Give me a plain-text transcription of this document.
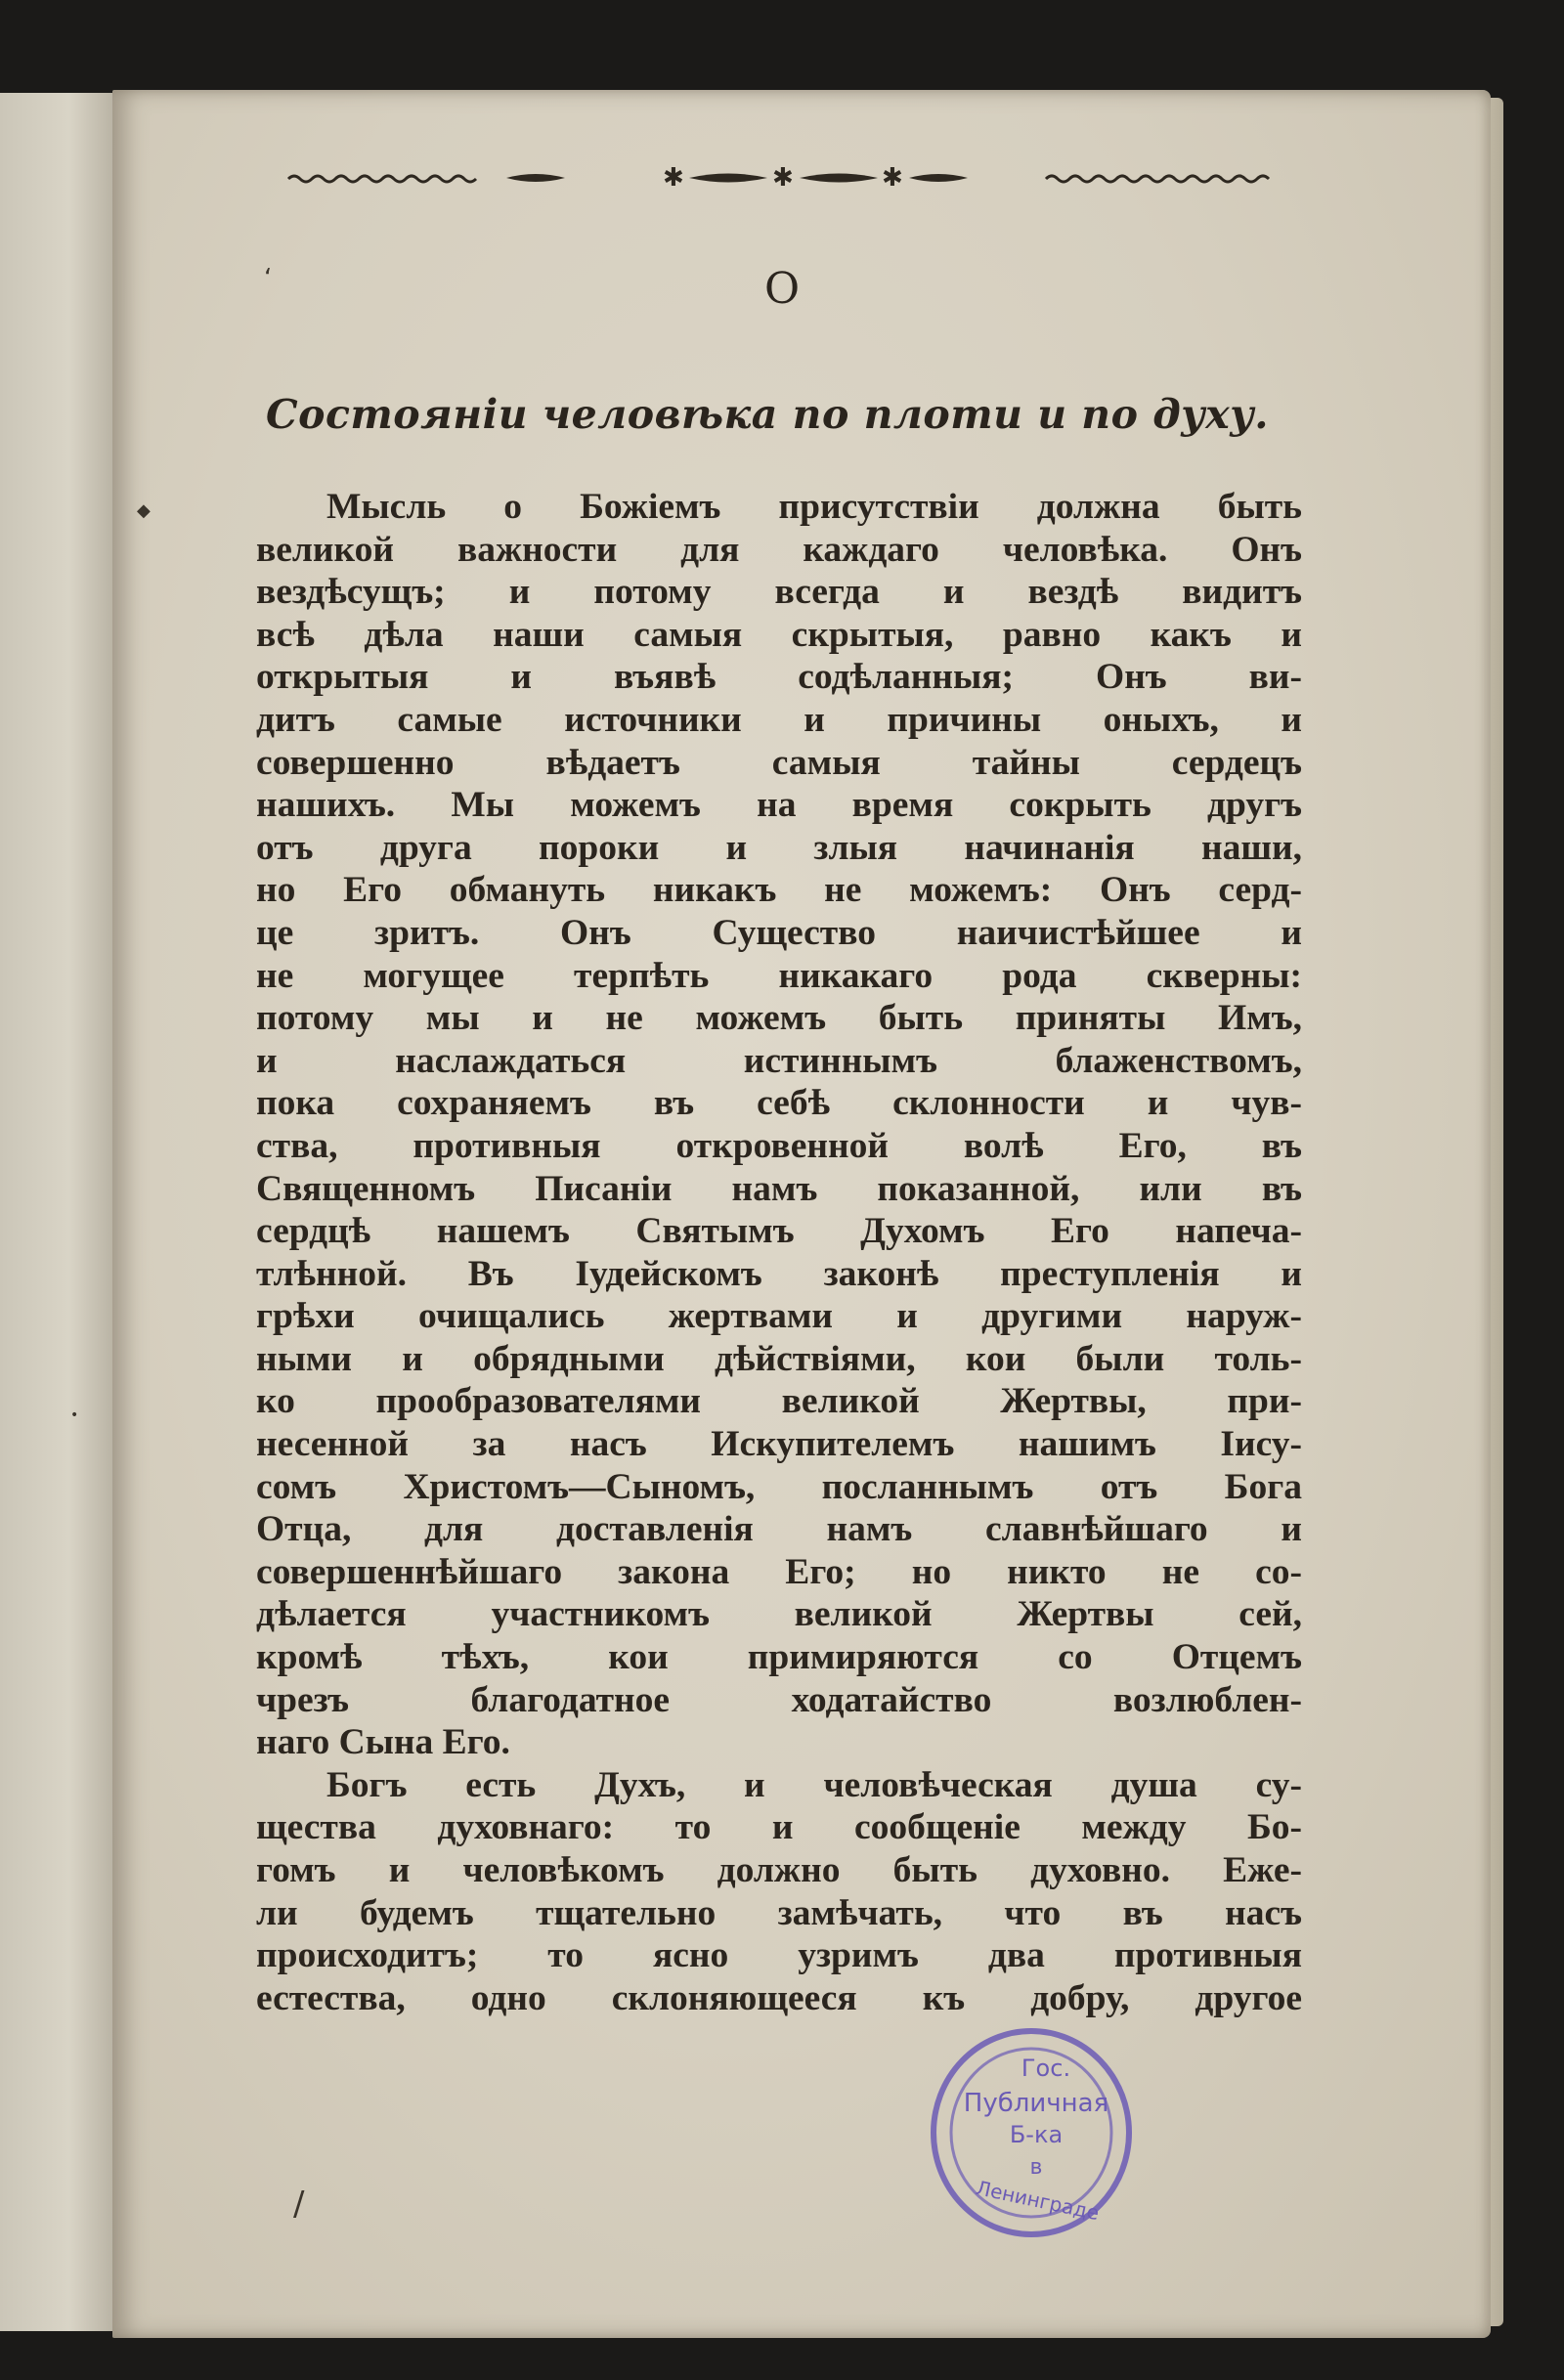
✱	✱	✱
О
Состояніи человѣка по плоти и по духу.
Мысль о Божіемъ присутствіи должна быть
великой важности для каждаго человѣка. Онъ
вездѣсущъ; и потому всегда и вездѣ видитъ
всѣ дѣла наши самыя скрытыя, равно какъ и
открытыя и въявѣ содѣланныя; Онъ ви-
дитъ самые источники и причины оныхъ, и
совершенно вѣдаетъ самыя тайны сердецъ
нашихъ. Мы можемъ на время сокрыть другъ
отъ друга пороки и злыя начинанія наши,
но Его обмануть никакъ не можемъ: Онъ серд-
це зритъ. Онъ Существо наичистѣйшее и
не могущее терпѣть никакаго рода скверны:
потому мы и не можемъ быть приняты Имъ,
и наслаждаться истиннымъ блаженствомъ,
пока сохраняемъ въ себѣ склонности и чув-
ства, противныя откровенной волѣ Его, въ
Священномъ Писаніи намъ показанной, или въ
сердцѣ нашемъ Святымъ Духомъ Его напеча-
тлѣнной. Въ Іудейскомъ законѣ преступленія и
грѣхи очищались жертвами и другими наруж-
ными и обрядными дѣйствіями, кои были толь-
ко прообразователями великой Жертвы, при-
несенной за насъ Искупителемъ нашимъ Іису-
сомъ Христомъ—Сыномъ, посланнымъ отъ Бога
Отца, для доставленія намъ славнѣйшаго и
совершеннѣйшаго закона Его; но никто не со-
дѣлается участникомъ великой Жертвы сей,
кромѣ тѣхъ, кои примиряются со Отцемъ
чрезъ благодатное ходатайство возлюблен-
наго Сына Его.
Богъ есть Духъ, и человѣческая душа су-
щества духовнаго: то и сообщеніе между Бо-
гомъ и человѣкомъ должно быть духовно. Еже-
ли будемъ тщательно замѣчать, что въ насъ
происходитъ; то ясно узримъ два противныя
естества, одно склоняющееся къ добру, другое
Гос.
Публичная
Б-ка
в
Ленинграде
‘
/
◆
•
